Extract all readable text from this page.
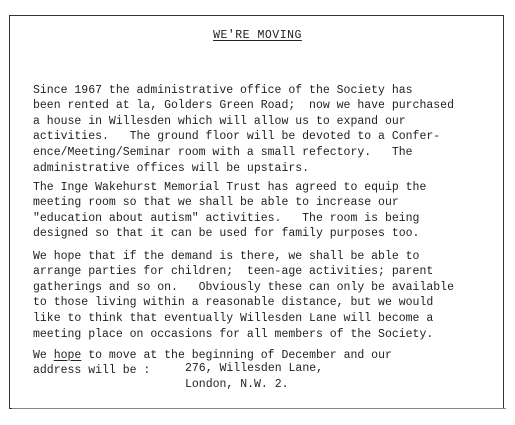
WE'RE MOVING

Since 1967 the administrative office of the Society has
been rented at la, Golders Green Road;  now we have purchased
a house in Willesden which will allow us to expand our
activities.   The ground floor will be devoted to a Confer-
ence/Meeting/Seminar room with a small refectory.   The
administrative offices will be upstairs.

The Inge Wakehurst Memorial Trust has agreed to equip the
meeting room so that we shall be able to increase our
"education about autism" activities.   The room is being
designed so that it can be used for family purposes too.

We hope that if the demand is there, we shall be able to
arrange parties for children;  teen-age activities; parent
gatherings and so on.   Obviously these can only be available
to those living within a reasonable distance, but we would
like to think that eventually Willesden Lane will become a
meeting place on occasions for all members of the Society.

We hope to move at the beginning of December and our
address will be :	276, Willesden Lane,

London, N.W. 2.
